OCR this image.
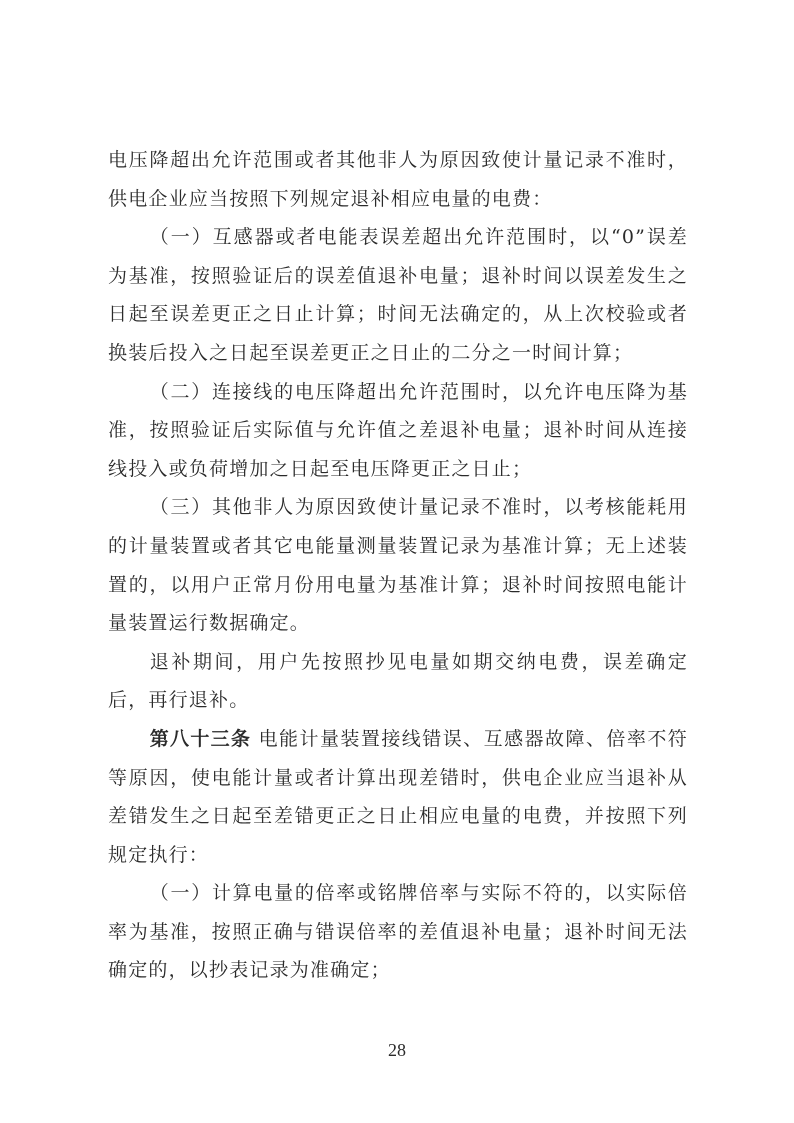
电压降超出允许范围或者其他非人为原因致使计量记录不准时，供电企业应当按照下列规定退补相应电量的电费：

（一）互感器或者电能表误差超出允许范围时，以“0”误差为基准，按照验证后的误差值退补电量；退补时间以误差发生之日起至误差更正之日止计算；时间无法确定的，从上次校验或者换装后投入之日起至误差更正之日止的二分之一时间计算；

（二）连接线的电压降超出允许范围时，以允许电压降为基准，按照验证后实际值与允许值之差退补电量；退补时间从连接线投入或负荷增加之日起至电压降更正之日止；

（三）其他非人为原因致使计量记录不准时，以考核能耗用的计量装置或者其它电能量测量装置记录为基准计算；无上述装置的，以用户正常月份用电量为基准计算；退补时间按照电能计量装置运行数据确定。

退补期间，用户先按照抄见电量如期交纳电费，误差确定后，再行退补。

第八十三条 电能计量装置接线错误、互感器故障、倍率不符等原因，使电能计量或者计算出现差错时，供电企业应当退补从差错发生之日起至差错更正之日止相应电量的电费，并按照下列规定执行：

（一）计算电量的倍率或铭牌倍率与实际不符的，以实际倍率为基准，按照正确与错误倍率的差值退补电量；退补时间无法确定的，以抄表记录为准确定；

28
